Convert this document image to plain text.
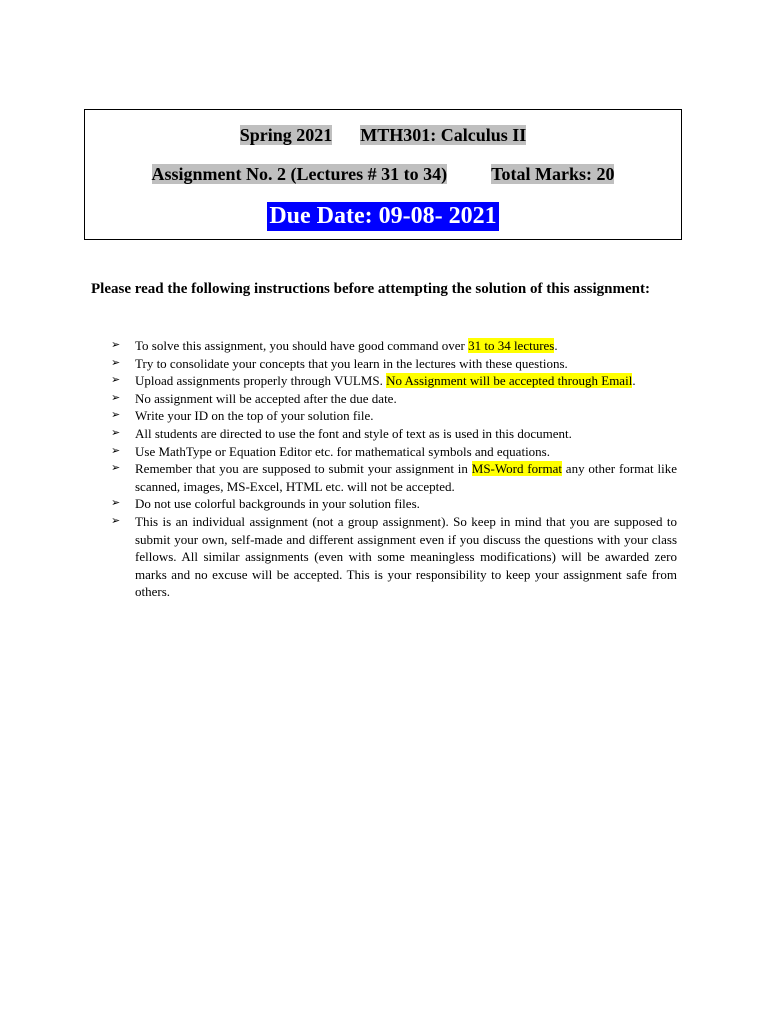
Spring 2021 MTH301: Calculus II
Assignment No. 2 (Lectures # 31 to 34) Total Marks: 20
Due Date: 09-08- 2021
Please read the following instructions before attempting the solution of this assignment:
➢ To solve this assignment, you should have good command over 31 to 34 lectures.
➢ Try to consolidate your concepts that you learn in the lectures with these questions.
➢ Upload assignments properly through VULMS. No Assignment will be accepted through Email.
➢ No assignment will be accepted after the due date.
➢ Write your ID on the top of your solution file.
➢ All students are directed to use the font and style of text as is used in this document.
➢ Use MathType or Equation Editor etc. for mathematical symbols and equations.
➢ Remember that you are supposed to submit your assignment in MS-Word format any other format like scanned, images, MS-Excel, HTML etc. will not be accepted.
➢ Do not use colorful backgrounds in your solution files.
➢ This is an individual assignment (not a group assignment). So keep in mind that you are supposed to submit your own, self-made and different assignment even if you discuss the questions with your class fellows. All similar assignments (even with some meaningless modifications) will be awarded zero marks and no excuse will be accepted. This is your responsibility to keep your assignment safe from others.
